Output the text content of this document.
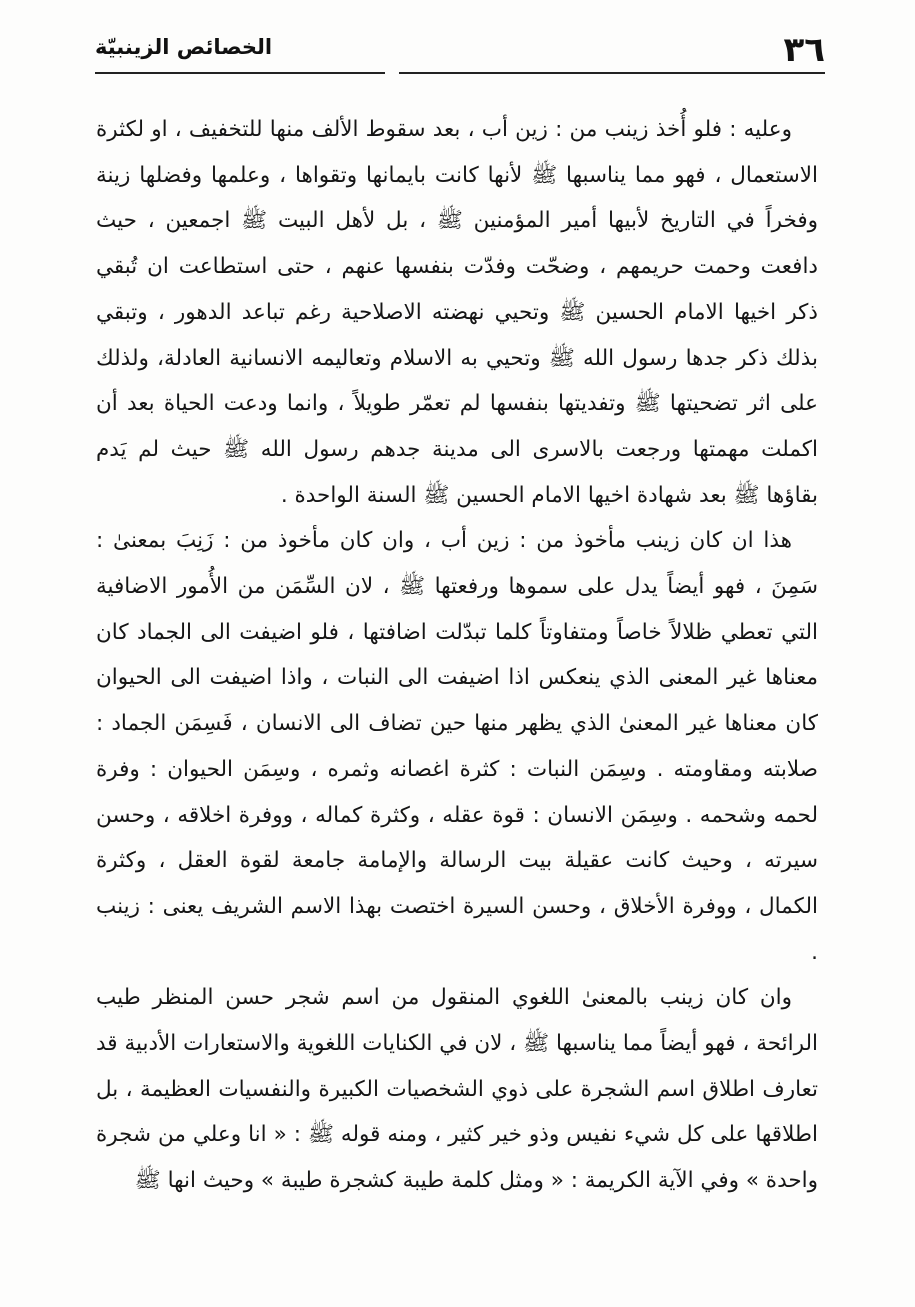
٣٦
الخصائص الزينبيّة

وعليه : فلو أُخذ زينب من : زين أب ، بعد سقوط الألف منها للتخفيف ، او لكثرة الاستعمال ، فهو مما يناسبها ﷺ لأنها كانت بايمانها وتقواها ، وعلمها وفضلها زينة وفخراً في التاريخ لأبيها أمير المؤمنين ﷺ ، بل لأهل البيت ﷺ اجمعين ، حيث دافعت وحمت حريمهم ، وضحّت وفدّت بنفسها عنهم ، حتى استطاعت ان تُبقي ذكر اخيها الامام الحسين ﷺ وتحيي نهضته الاصلاحية رغم تباعد الدهور ، وتبقي بذلك ذكر جدها رسول الله ﷺ وتحيي به الاسلام وتعاليمه الانسانية العادلة، ولذلك على اثر تضحيتها ﷺ وتفديتها بنفسها لم تعمّر طويلاً ، وانما ودعت الحياة بعد أن اكملت مهمتها ورجعت بالاسرى الى مدينة جدهم رسول الله ﷺ حيث لم يَدم بقاؤها ﷺ بعد شهادة اخيها الامام الحسين ﷺ السنة الواحدة .

هذا ان كان زينب مأخوذ من : زين أب ، وان كان مأخوذ من : زَنِبَ بمعنىٰ : سَمِنَ ، فهو أيضاً يدل على سموها ورفعتها ﷺ ، لان السِّمَن من الأُمور الاضافية التي تعطي ظلالاً خاصاً ومتفاوتاً كلما تبدّلت اضافتها ، فلو اضيفت الى الجماد كان معناها غير المعنى الذي ينعكس اذا اضيفت الى النبات ، واذا اضيفت الى الحيوان كان معناها غير المعنىٰ الذي يظهر منها حين تضاف الى الانسان ، فَسِمَن الجماد : صلابته ومقاومته . وسِمَن النبات : كثرة اغصانه وثمره ، وسِمَن الحيوان : وفرة لحمه وشحمه . وسِمَن الانسان : قوة عقله ، وكثرة كماله ، ووفرة اخلاقه ، وحسن سيرته ، وحيث كانت عقيلة بيت الرسالة والإمامة جامعة لقوة العقل ، وكثرة الكمال ، ووفرة الأخلاق ، وحسن السيرة اختصت بهذا الاسم الشريف يعنى : زينب .

وان كان زينب بالمعنىٰ اللغوي المنقول من اسم شجر حسن المنظر طيب الرائحة ، فهو أيضاً مما يناسبها ﷺ ، لان في الكنايات اللغوية والاستعارات الأدبية قد تعارف اطلاق اسم الشجرة على ذوي الشخصيات الكبيرة والنفسيات العظيمة ، بل اطلاقها على كل شيء نفيس وذو خير كثير ، ومنه قوله ﷺ : « انا وعلي من شجرة واحدة » وفي الآية الكريمة : « ومثل كلمة طيبة كشجرة طيبة » وحيث انها ﷺ
